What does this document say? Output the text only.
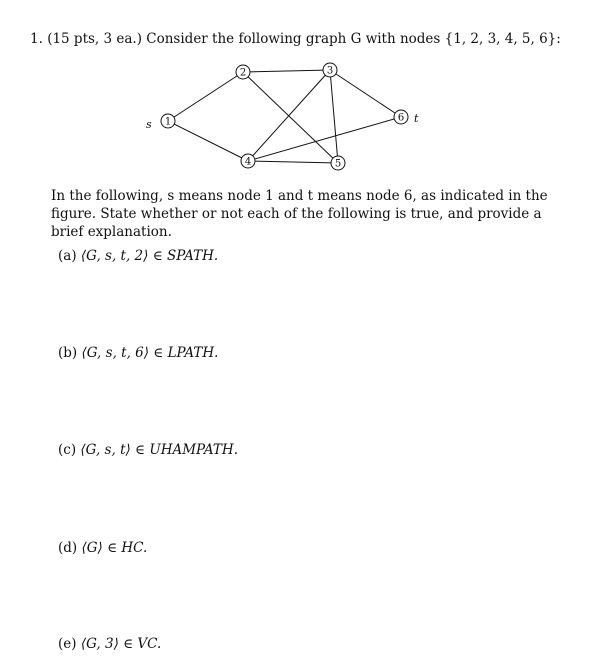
1. (15 pts, 3 ea.) Consider the following graph G with nodes {1, 2, 3, 4, 5, 6}:
1
2	3
4	5
6
s	t
In the following, s means node 1 and t means node 6, as indicated in the figure. State whether or not each of the following is true, and provide a brief explanation.
(a) ⟨G, s, t, 2⟩ ∈ SPATH.
(b) ⟨G, s, t, 6⟩ ∈ LPATH.
(c) ⟨G, s, t⟩ ∈ UHAMPATH.
(d) ⟨G⟩ ∈ HC.
(e) ⟨G, 3⟩ ∈ VC.
